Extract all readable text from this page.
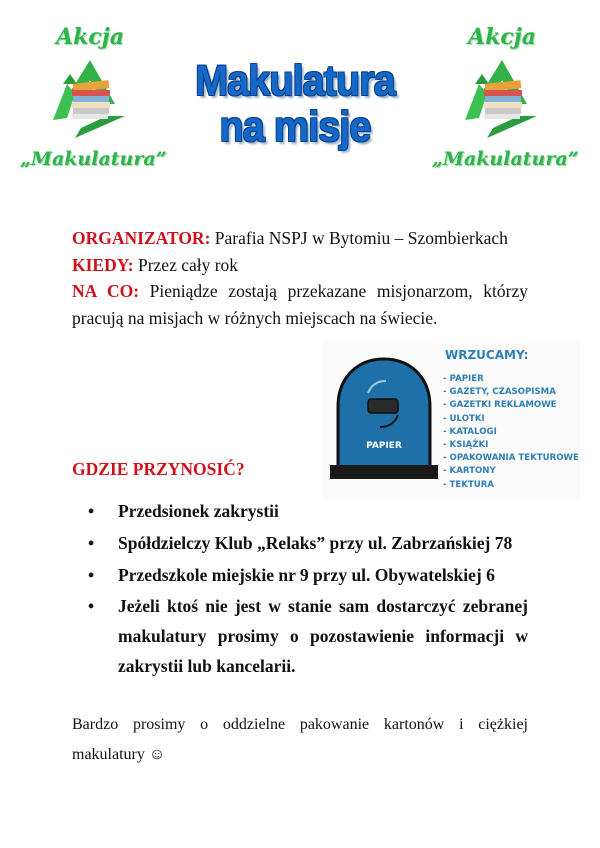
Akcja
„Makulatura”
Makulatura
na misje
Akcja
„Makulatura”

ORGANIZATOR: Parafia NSPJ w Bytomiu – Szombierkach

KIEDY: Przez cały rok

NA CO: Pieniądze zostają przekazane misjonarzom, którzy pracują na misjach w różnych miejscach na świecie.

PAPIER
WRZUCAMY:
- PAPIER
- GAZETY, CZASOPISMA
- GAZETKI REKLAMOWE
- ULOTKI
- KATALOGI
- KSIĄŻKI
- OPAKOWANIA TEKTUROWE
- KARTONY
- TEKTURA
GDZIE PRZYNOSIĆ?
• Przedsionek zakrystii
• Spółdzielczy Klub „Relaks” przy ul. Zabrzańskiej 78
• Przedszkole miejskie nr 9 przy ul. Obywatelskiej 6
•	Jeżeli ktoś nie jest w stanie sam dostarczyć zebranej makulatury prosimy o pozostawienie informacji w zakrystii lub kancelarii.
Bardzo prosimy o oddzielne pakowanie kartonów i ciężkiej makulatury ☺
